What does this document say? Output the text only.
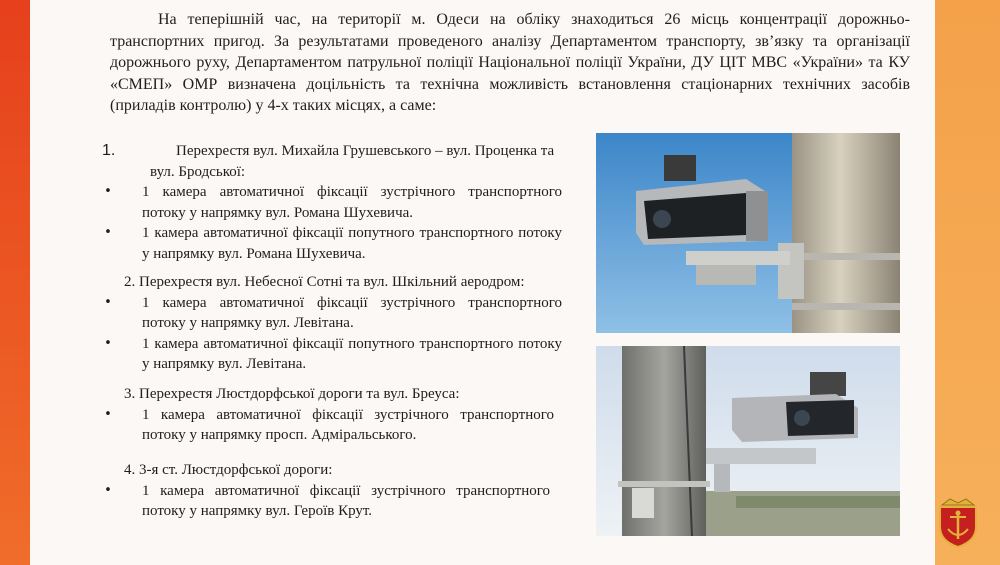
На теперішній час, на території м. Одеси на обліку знаходиться 26 місць концентрації дорожньо-транспортних пригод. За результатами проведеного аналізу Департаментом транспорту, зв’язку та організації дорожнього руху, Департаментом патрульної поліції Національної поліції України, ДУ ЦІТ МВС «України» та КУ «СМЕП» ОМР визначена доцільність та технічна можливість встановлення стаціонарних технічних засобів (приладів контролю) у 4-х таких місцях, а саме:

1.	Перехрестя вул. Михайла Грушевського – вул. Проценка та вул. Бродської:

• 1 камера автоматичної фіксації зустрічного транспортного потоку у напрямку вул. Романа Шухевича.

• 1 камера автоматичної фіксації попутного транспортного потоку у напрямку вул. Романа Шухевича.

2. Перехрестя вул. Небесної Сотні та вул. Шкільний аеродром:

• 1 камера автоматичної фіксації зустрічного транспортного потоку у напрямку вул. Левітана.

• 1 камера автоматичної фіксації попутного транспортного потоку у напрямку вул. Левітана.

3. Перехрестя Люстдорфської дороги та вул. Бреуса:

• 1 камера автоматичної фіксації зустрічного транспортного потоку у напрямку просп. Адміральського.

4. 3-я ст. Люстдорфської дороги:

• 1 камера автоматичної фіксації зустрічного транспортного потоку у напрямку вул. Героїв Крут.
